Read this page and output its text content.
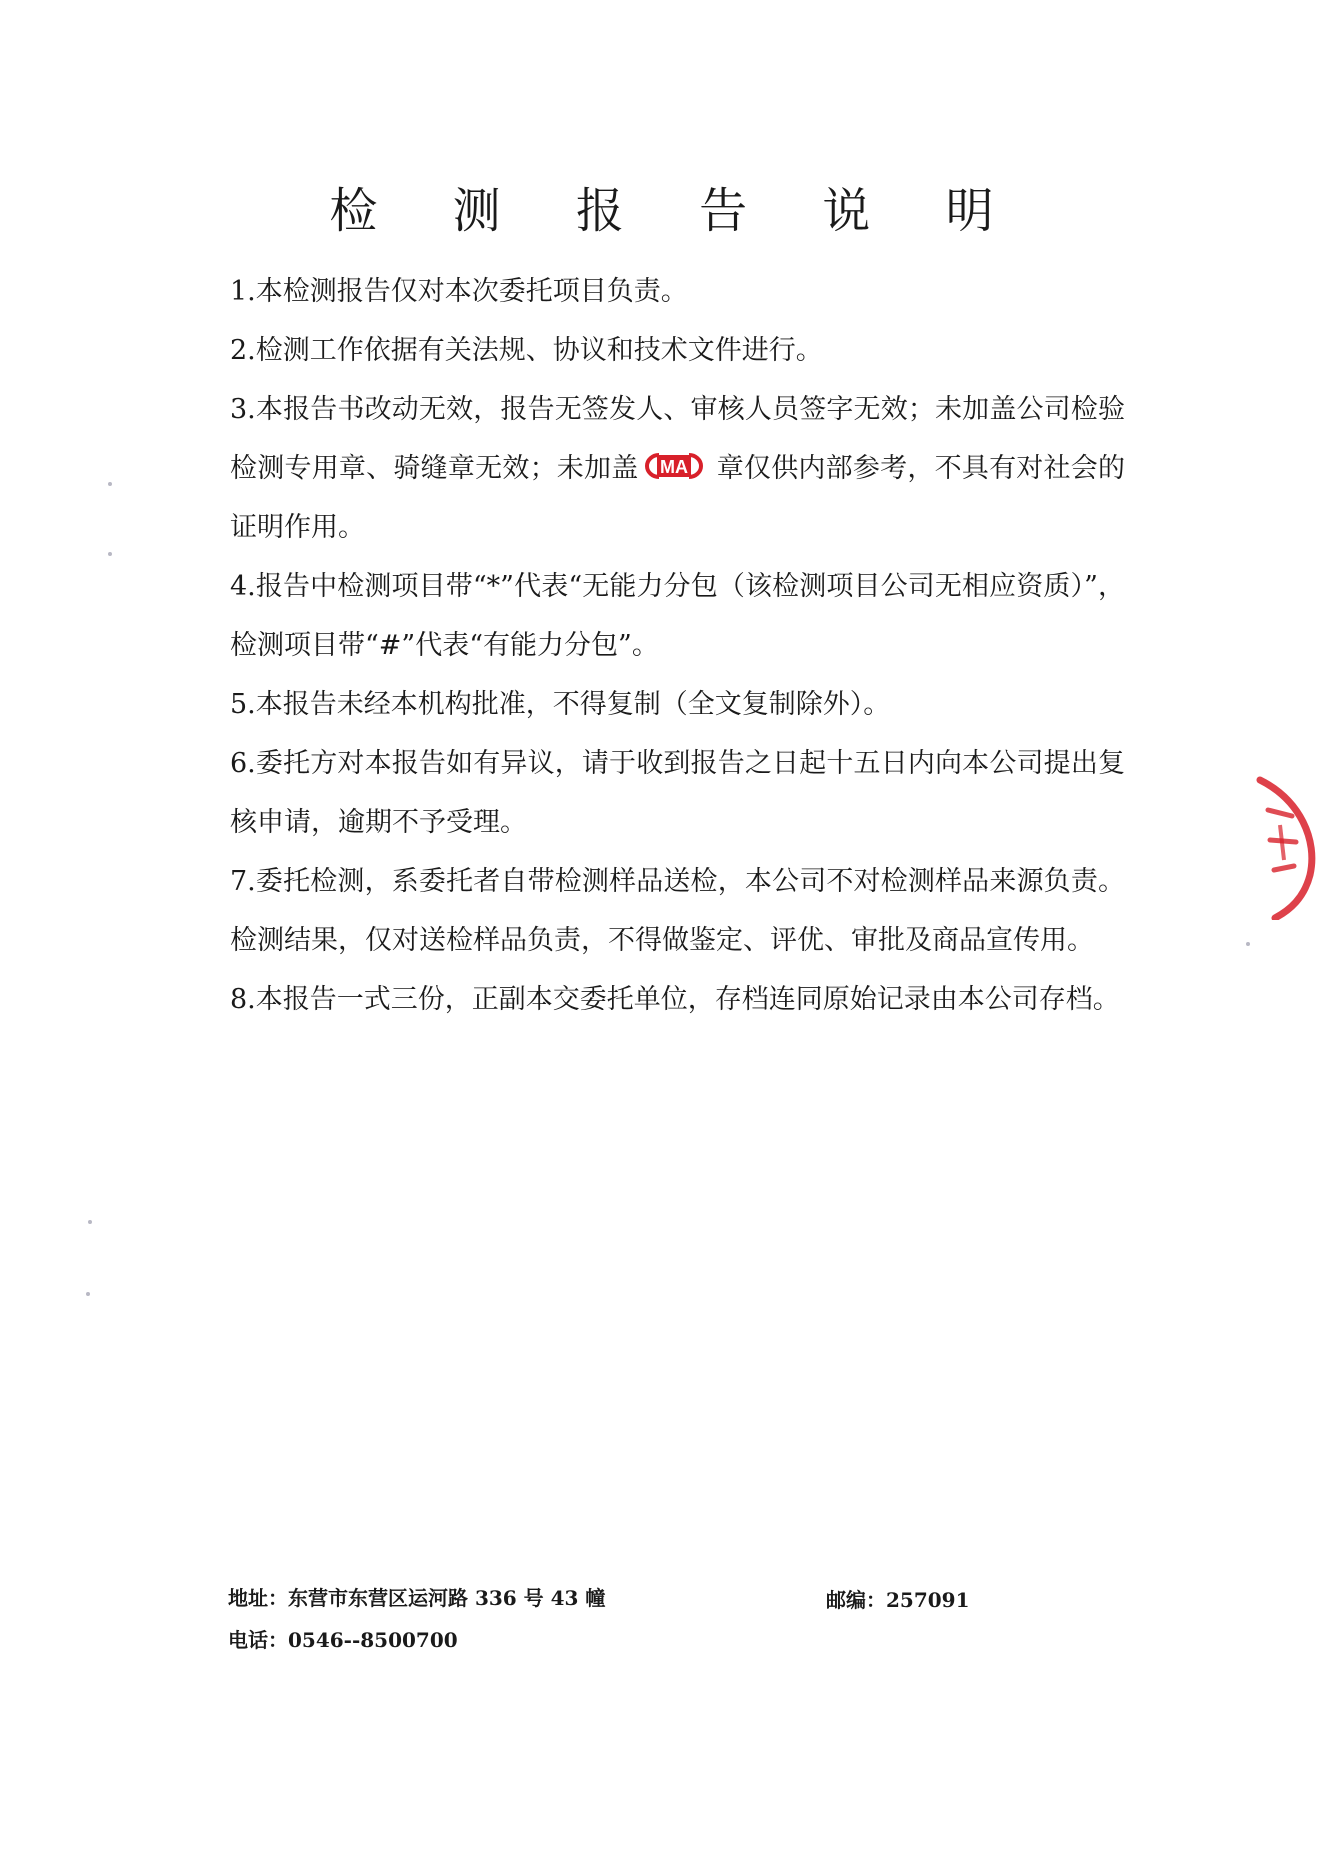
检 测 报 告 说 明
1.本检测报告仅对本次委托项目负责。
2.检测工作依据有关法规、协议和技术文件进行。
3.本报告书改动无效，报告无签发人、审核人员签字无效；未加盖公司检验检测专用章、骑缝章无效；未加盖 MA 章仅供内部参考，不具有对社会的证明作用。
4.报告中检测项目带“*”代表“无能力分包（该检测项目公司无相应资质）”，检测项目带“#”代表“有能力分包”。
5.本报告未经本机构批准，不得复制（全文复制除外）。
6.委托方对本报告如有异议，请于收到报告之日起十五日内向本公司提出复核申请，逾期不予受理。
7.委托检测，系委托者自带检测样品送检，本公司不对检测样品来源负责。检测结果，仅对送检样品负责，不得做鉴定、评优、审批及商品宣传用。
8.本报告一式三份，正副本交委托单位，存档连同原始记录由本公司存档。
地址：东营市东营区运河路 336 号 43 幢	邮编：257091
电话：0546--8500700
